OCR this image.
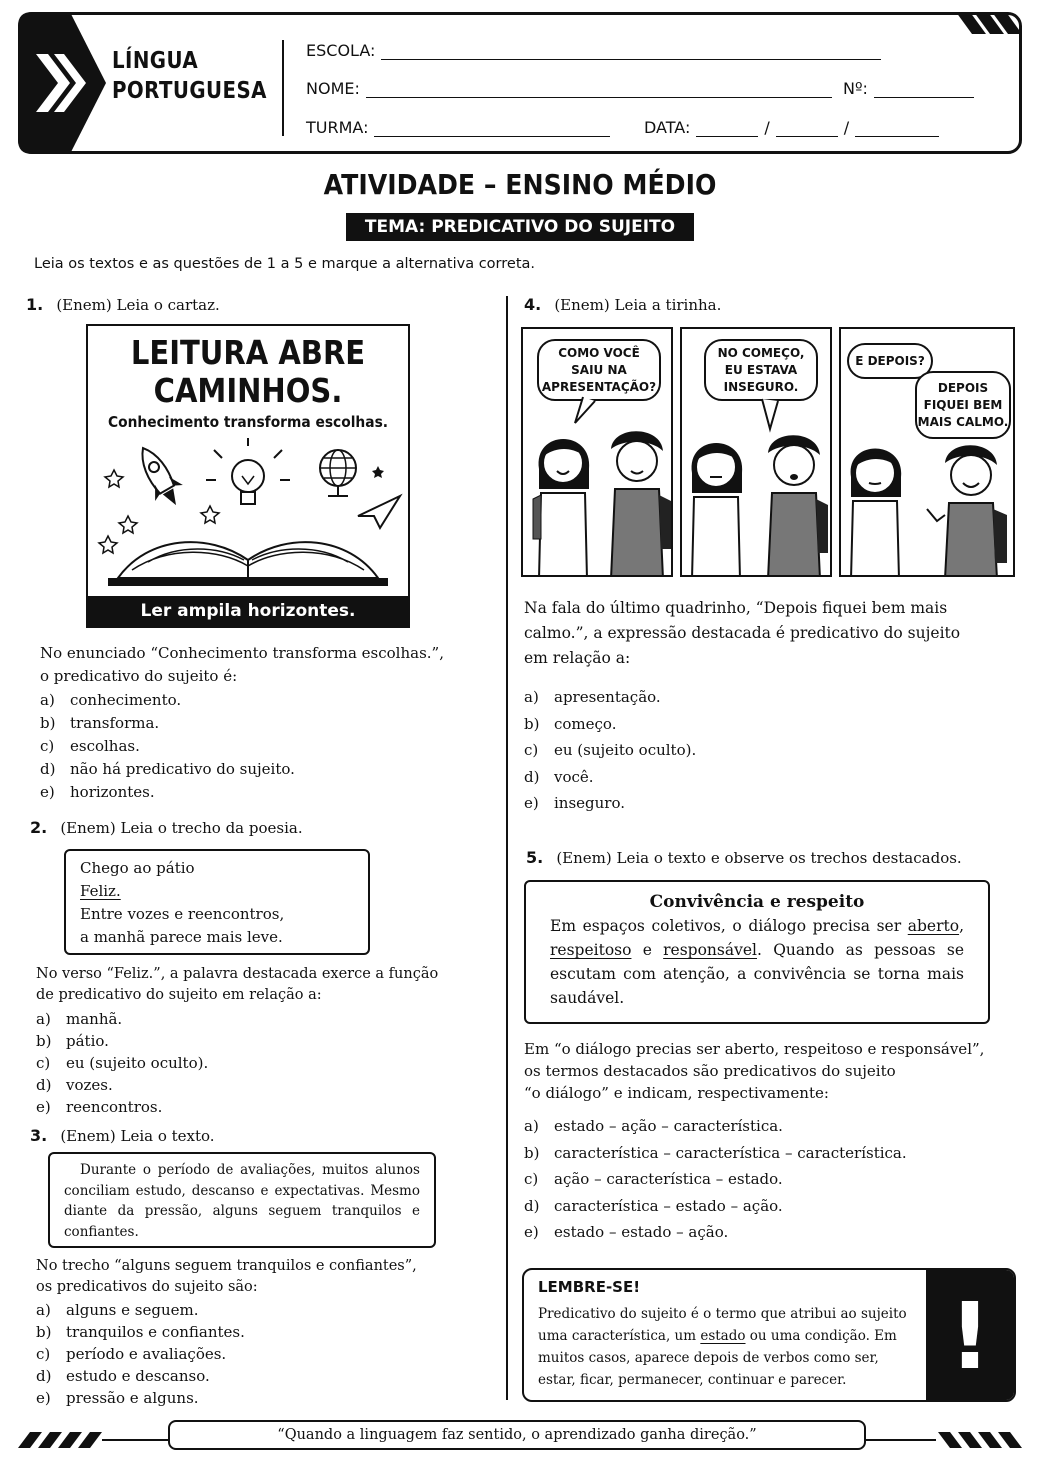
LÍNGUA
PORTUGUESA
ESCOLA:
NOME:	Nº:
TURMA:	DATA:	/	/
ATIVIDADE – ENSINO MÉDIO
TEMA: PREDICATIVO DO SUJEITO
Leia os textos e as questões de 1 a 5 e marque a alternativa correta.
1. (Enem) Leia o cartaz.
LEITURA ABRE
CAMINHOS.
Conhecimento transforma escolhas.
Ler ampila horizontes.
No enunciado “Conhecimento transforma escolhas.”,
o predicativo do sujeito é:
a) conhecimento.
b) transforma.
c) escolhas.
d) não há predicativo do sujeito.
e) horizontes.
2. (Enem) Leia o trecho da poesia.
Chego ao pátio
Feliz.
Entre vozes e reencontros,
a manhã parece mais leve.
No verso “Feliz.”, a palavra destacada exerce a função
de predicativo do sujeito em relação a:
a) manhã.
b) pátio.
c) eu (sujeito oculto).
d) vozes.
e) reencontros.
3. (Enem) Leia o texto.
Durante o período de avaliações, muitos alunos conciliam estudo, descanso e expectativas. Mesmo diante da pressão, alguns seguem tranquilos e confiantes.
No trecho “alguns seguem tranquilos e confiantes”,
os predicativos do sujeito são:
a) alguns e seguem.
b) tranquilos e confiantes.
c) período e avaliações.
d) estudo e descanso.
e) pressão e alguns.
4. (Enem) Leia a tirinha.
COMO VOCÊ
SAIU NA
APRESENTAÇÃO?
NO COMEÇO,
EU ESTAVA
INSEGURO.
E DEPOIS?
DEPOIS
FIQUEI BEM
MAIS CALMO.
Na fala do último quadrinho, “Depois fiquei bem mais calmo.”, a expressão destacada é predicativo do sujeito em relação a:
a) apresentação.
b) começo.
c) eu (sujeito oculto).
d) você.
e) inseguro.
5. (Enem) Leia o texto e observe os trechos destacados.
Convivência e respeito
Em espaços coletivos, o diálogo precisa ser aberto, respeitoso e responsável. Quando as pessoas se escutam com atenção, a convivência se torna mais saudável.
Em “o diálogo precias ser aberto, respeitoso e responsável”,
os termos destacados são predicativos do sujeito
“o diálogo” e indicam, respectivamente:
a) estado – ação – característica.
b) característica – característica – característica.
c) ação – característica – estado.
d) característica – estado – ação.
e) estado – estado – ação.
LEMBRE-SE!
Predicativo do sujeito é o termo que atribui ao sujeito uma característica, um estado ou uma condição. Em muitos casos, aparece depois de verbos como ser, estar, ficar, permanecer, continuar e parecer.	!
“Quando a linguagem faz sentido, o aprendizado ganha direção.”
